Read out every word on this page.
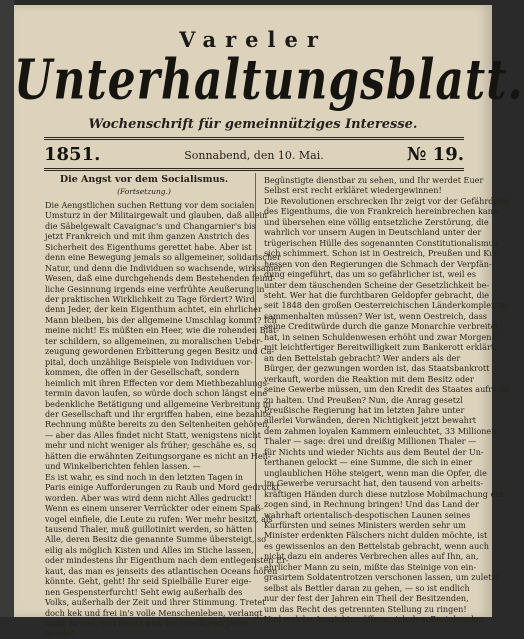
Vareler
Unterhaltungsblatt.
Wochenschrift für gemeinnütziges Interesse.
1851.	Sonnabend, den 10. Mai.	№ 19.
Die Angst vor dem Socialismus.
(Fortsetzung.)
Die Aengstlichen suchen Rettung vor dem socialen
Umsturz in der Militairgewalt und glauben, daß allein
die Säbelgewalt Cavaignac's und Changarnier's bis
jetzt Frankreich und mit ihm ganzen Anstrich des
Sicherheit des Eigenthums gerettet habe. Aber ist
denn eine Bewegung jemals so allgemeiner, solidarischer
Natur, und denn die Individuen so wachsende, wirksamer
Wesen, daß eine durchgehends dem Bestehenden feind-
liche Gesinnung irgends eine verfrühte Aeußerung in
der praktischen Wirklichkeit zu Tage fördert? Wird
denn Jeder, der kein Eigenthum achtet, ein ehrlicher
Mann bleiben, bis der allgemeine Umschlag kommt? Ich
meine nicht! Es müßten ein Heer, wie die rohenden Blät-
ter schildern, so allgemeinen, zu moralischen Ueber-
zeugung gewordenen Erbitterung gegen Besitz und Ca-
pital, doch unzählige Beispiele von Individuen vor-
kommen, die offen in der Gesellschaft, sondern
heimlich mit ihren Effecten vor dem Miethbezahlungs-
termin davon laufen, so würde doch schon längst eine
bedenkliche Betätigung und allgemeine Verbreitung in
der Gesellschaft und ihr ergriffen haben, eine bezahlte
Rechnung müßte bereits zu den Seltenheiten gehören,
— aber das Alles findet nicht Statt, wenigstens nicht
mehr und nicht weniger als früher; geschähe es, so
hätten die erwähnten Zeitungsorgane es nicht an Heil-
und Winkelberichten fehlen lassen. —
Es ist wahr, es sind noch in den letzten Tagen in
Paris einige Aufforderungen zu Raub und Mord gedruckt
worden. Aber was wird denn nicht Alles gedruckt!
Wenn es einem unserer Verrückter oder einem Spaß-
vogel einfiele, die Leute zu rufen: Wer mehr besitzt, als
tausend Thaler, muß guillotinirt werden, so hätten
Alle, deren Besitz die genannte Summe übersteigt, so
eilig als möglich Kisten und Alles im Stiche lassen,
oder mindestens ihr Eigenthum nach dem entlegensten Er-
kaut, das man es jenseits des atlantischen Oceans hören
könnte. Geht, geht! Ihr seid Spielbälle Eurer eige-
nen Gespensterfurcht! Seht ewig außerhalb des
Volks, außerhalb der Zeit und ihrer Stimmung. Tretet
doch kek und frei in's volle Menschenleben, verlangt
nicht zu viel, und Besitz und der Intelligenz jeden
minder
Begünstigte dienstbar zu sehen, und Ihr werdet Euer
Selbst erst recht erkläret wiedergewinnen!
Die Revolutionen erschrecken Ihr zeigt vor der Gefährdung
des Eigenthums, die von Frankreich hereinbrechen kann,
und übersehen eine völlig entsetzliche Zerstörung, die
wahrlich vor unsern Augen in Deutschland unter der
trügerischen Hülle des sogenannten Constitutionalismus
sich schimmert. Schon ist in Oestreich, Preußen und Kur-
hessen von den Regierungen die Schmach der Verpfän-
dung eingeführt, das um so gefährlicher ist, weil es
unter dem täuschenden Scheine der Gesetzlichkeit be-
steht. Wer hat die furchtbaren Geldopfer gebracht, die
seit 1848 den großen Oesterreichischen Länderkomplex zu-
sammenhalten müssen? Wer ist, wenn Oestreich, dass
seine Creditwürde durch die ganze Monarchie verbreitet
hat, in seinen Schuldenwesen erhöht und zwar Morgens
mit leichtfertiger Bereitwilligkeit zum Bankerott erklärt,
an den Bettelstab gebracht? Wer anders als der
Bürger, der gezwungen worden ist, das Staatsbankrott
verkauft, worden die Reaktion mit dem Besitz oder
seine Gewerbe müssen, um den Kredit des Staates aufrecht
zu halten. Und Preußen? Nun, die Anrag gesetzl
Preußische Regierung hat im letzten Jahre unter
allerlei Vorwänden, deren Nichtigkeit jetzt bewahrt
dem zahmen loyalen Kammern einleuchtet, 33 Millionen
Thaler — sage: drei und dreißig Millionen Thaler —
für Nichts und wieder Nichts aus dem Beutel der Un-
terthanen gelockt — eine Summe, die sich in einer
unglaublichen Höhe steigert, wenn man die Opfer, die
im Gewerbe verursacht hat, den tausend von arbeits-
kräftigen Händen durch diese nutzlose Mobilmachung ent-
zogen sind, in Rechnung bringen! Und das Land der
wahrhaft orientalisch-despotischen Launen seines
Kurfürsten und seines Ministers werden sehr um
Minister erdenkten Fälschers nicht dulden möchte, ist
es gewissenlos an den Bettelstab gebracht, wenn auch
nicht dazu ein anderes Verbrechen alles auf Ihn, an,
ehrlicher Mann zu sein, mißte das Steinige von ein-
grasirtem Soldatentrotzen verschonen lassen, um zuletzt
selbst als Bettler daran zu gehen, — so ist endlich
nur der fest der Jahren ein Theil der Besitzenden,
um das Recht des getrennten Stellung zu ringen!
Und welche Aussichten öffnen sich dem Bestehenden
